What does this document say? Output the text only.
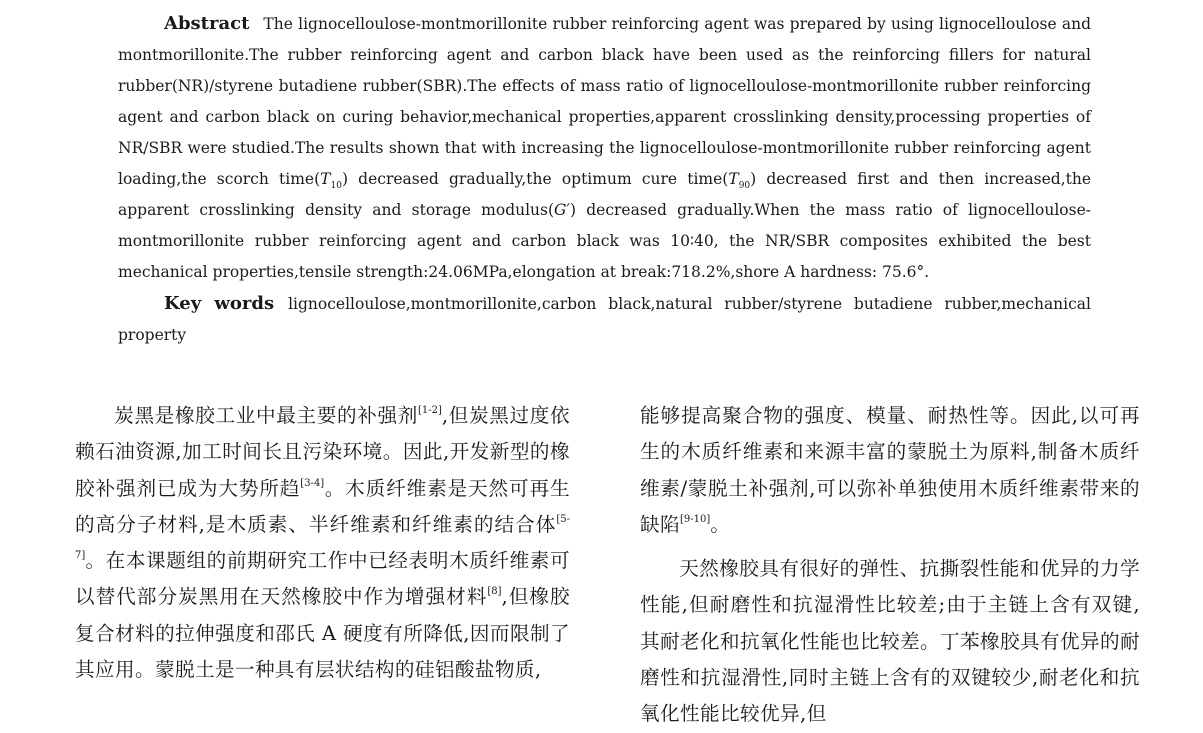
Abstract The lignocelloulose-montmorillonite rubber reinforcing agent was prepared by using lignocelloulose and montmorillonite.The rubber reinforcing agent and carbon black have been used as the reinforcing fillers for natural rubber(NR)/styrene butadiene rubber(SBR).The effects of mass ratio of lignocelloulose-montmorillonite rubber reinforcing agent and carbon black on curing behavior,mechanical properties,apparent crosslinking density,processing properties of NR/SBR were studied.The results shown that with increasing the lignocelloulose-montmorillonite rubber reinforcing agent loading,the scorch $time(T_{10})$ decreased gradually,the optimum cure $time(T_{90})$ decreased first and then increased,the apparent crosslinking density and storage modulus(G′) decreased gradually.When the mass ratio of lignocelloulose-montmorillonite rubber reinforcing agent and carbon black was 10∶40, the NR/SBR composites exhibited the best mechanical properties,tensile strength:24.06MPa,elongation at break:718.2%,shore A hardness: 75.6°.

Key words lignocelloulose,montmorillonite,carbon black,natural rubber/styrene butadiene rubber,mechanical property

炭黑是橡胶工业中最主要的补强剂[1-2],但炭黑过度依赖石油资源,加工时间长且污染环境。因此,开发新型的橡胶补强剂已成为大势所趋[3-4]。木质纤维素是天然可再生的高分子材料,是木质素、半纤维素和纤维素的结合体[5-7]。在本课题组的前期研究工作中已经表明木质纤维素可以替代部分炭黑用在天然橡胶中作为增强材料[8],但橡胶复合材料的拉伸强度和邵氏 A 硬度有所降低,因而限制了其应用。蒙脱土是一种具有层状结构的硅铝酸盐物质,

能够提高聚合物的强度、模量、耐热性等。因此,以可再生的木质纤维素和来源丰富的蒙脱土为原料,制备木质纤维素/蒙脱土补强剂,可以弥补单独使用木质纤维素带来的缺陷[9-10]。

天然橡胶具有很好的弹性、抗撕裂性能和优异的力学性能,但耐磨性和抗湿滑性比较差;由于主链上含有双键,其耐老化和抗氧化性能也比较差。丁苯橡胶具有优异的耐磨性和抗湿滑性,同时主链上含有的双键较少,耐老化和抗氧化性能比较优异,但
